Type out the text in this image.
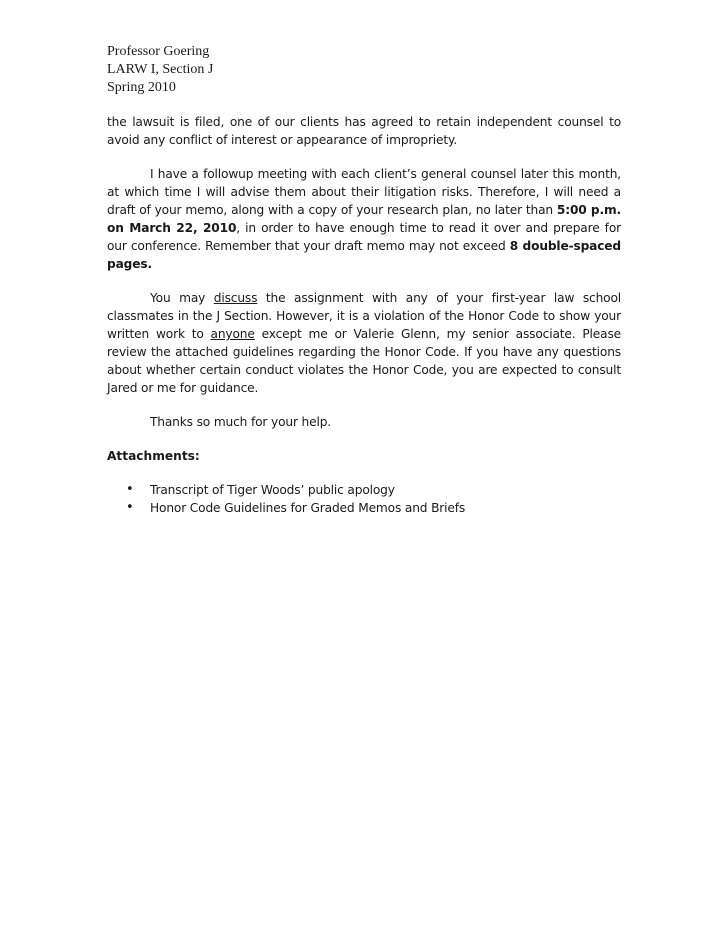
Professor Goering

LARW I, Section J

Spring 2010

the lawsuit is filed, one of our clients has agreed to retain independent counsel to avoid any conflict of interest or appearance of impropriety.

I have a followup meeting with each client’s general counsel later this month, at which time I will advise them about their litigation risks. Therefore, I will need a draft of your memo, along with a copy of your research plan, no later than 5:00 p.m. on March 22, 2010, in order to have enough time to read it over and prepare for our conference. Remember that your draft memo may not exceed 8 double-spaced pages.

You may discuss the assignment with any of your first-year law school classmates in the J Section. However, it is a violation of the Honor Code to show your written work to anyone except me or Valerie Glenn, my senior associate. Please review the attached guidelines regarding the Honor Code. If you have any questions about whether certain conduct violates the Honor Code, you are expected to consult Jared or me for guidance.

Thanks so much for your help.

Attachments:

• Transcript of Tiger Woods’ public apology
• Honor Code Guidelines for Graded Memos and Briefs
